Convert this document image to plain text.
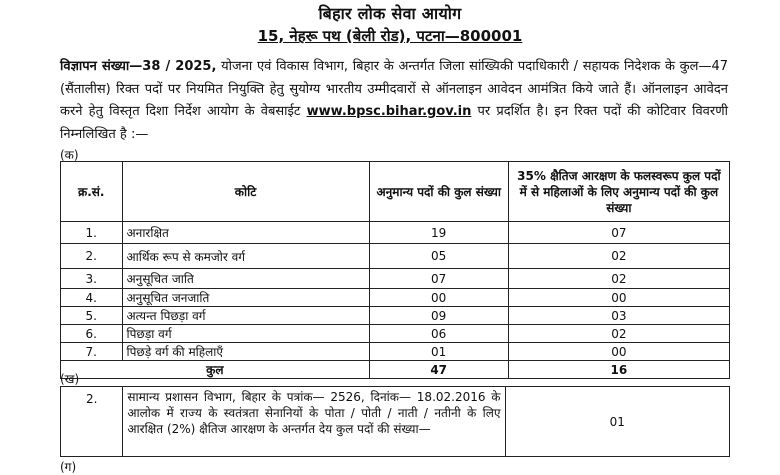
बिहार लोक सेवा आयोग
15, नेहरू पथ (बेली रोड), पटना—800001
विज्ञापन संख्या—38 / 2025, योजना एवं विकास विभाग, बिहार के अन्तर्गत जिला सांख्यिकी पदाधिकारी / सहायक निदेशक के कुल—47 (सैंतालीस) रिक्त पदों पर नियमित नियुक्ति हेतु सुयोग्य भारतीय उम्मीदवारों से ऑनलाइन आवेदन आमंत्रित किये जाते हैं। ऑनलाइन आवेदन करने हेतु विस्तृत दिशा निर्देश आयोग के वेबसाईट www.bpsc.bihar.gov.in पर प्रदर्शित है। इन रिक्त पदों की कोटिवार विवरणी निम्नलिखित है :—
(क)
क्र.सं.	कोटि	अनुमान्य पदों की कुल संख्या	35% क्षैतिज आरक्षण के फलस्वरूप कुल पदों में से महिलाओं के लिए अनुमान्य पदों की कुल संख्या
1.	अनारक्षित	19	07
2.	आर्थिक रूप से कमजोर वर्ग	05	02
3.	अनुसूचित जाति	07	02
4.	अनुसूचित जनजाति	00	00
5.	अत्यन्त पिछड़ा वर्ग	09	03
6.	पिछड़ा वर्ग	06	02
7.	पिछड़े वर्ग की महिलाएँ	01	00
कुल		47	16
(ख)
2.	सामान्य प्रशासन विभाग, बिहार के पत्रांक— 2526, दिनांक— 18.02.2016 के आलोक में राज्य के स्वतंत्रता सेनानियों के पोता / पोती / नाती / नतीनी के लिए आरक्षित (2%) क्षैतिज आरक्षण के अन्तर्गत देय कुल पदों की संख्या—	01
(ग)
